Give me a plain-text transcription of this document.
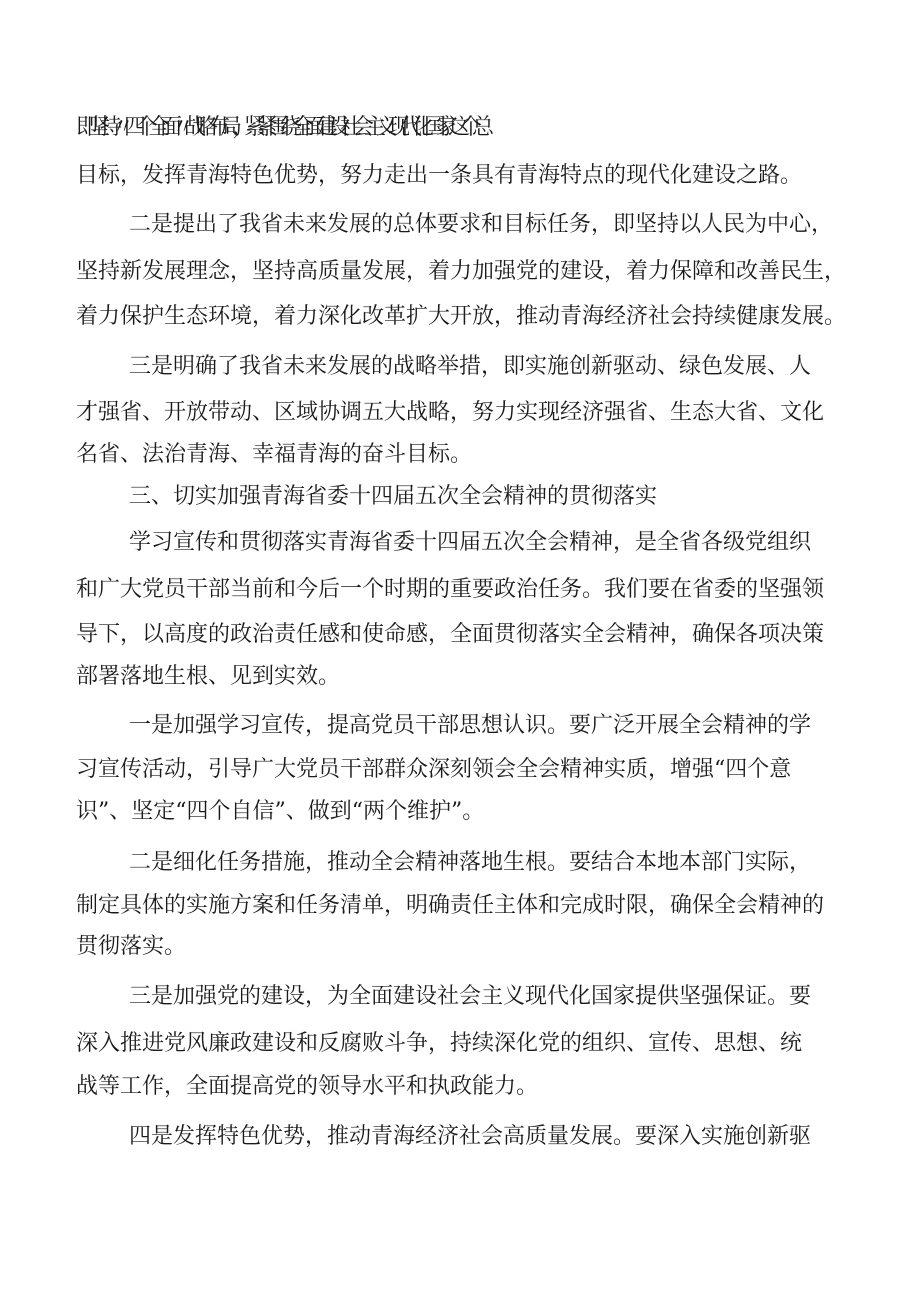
即坚持〃四个全面〃战略布局，紧紧围绕全面建设社会主义现代化国家这个总
目标，发挥青海特色优势，努力走出一条具有青海特点的现代化建设之路。
二是提出了我省未来发展的总体要求和目标任务，即坚持以人民为中心，
坚持新发展理念，坚持高质量发展，着力加强党的建设，着力保障和改善民生，
着力保护生态环境，着力深化改革扩大开放，推动青海经济社会持续健康发展。
三是明确了我省未来发展的战略举措，即实施创新驱动、绿色发展、人
才强省、开放带动、区域协调五大战略，努力实现经济强省、生态大省、文化
名省、法治青海、幸福青海的奋斗目标。
三、切实加强青海省委十四届五次全会精神的贯彻落实
学习宣传和贯彻落实青海省委十四届五次全会精神，是全省各级党组织
和广大党员干部当前和今后一个时期的重要政治任务。我们要在省委的坚强领
导下，以高度的政治责任感和使命感，全面贯彻落实全会精神，确保各项决策
部署落地生根、见到实效。
一是加强学习宣传，提高党员干部思想认识。要广泛开展全会精神的学
习宣传活动，引导广大党员干部群众深刻领会全会精神实质，增强“四个意
识”、坚定“四个自信”、做到“两个维护”。
二是细化任务措施，推动全会精神落地生根。要结合本地本部门实际，
制定具体的实施方案和任务清单，明确责任主体和完成时限，确保全会精神的
贯彻落实。
三是加强党的建设，为全面建设社会主义现代化国家提供坚强保证。要
深入推进党风廉政建设和反腐败斗争，持续深化党的组织、宣传、思想、统
战等工作，全面提高党的领导水平和执政能力。
四是发挥特色优势，推动青海经济社会高质量发展。要深入实施创新驱
